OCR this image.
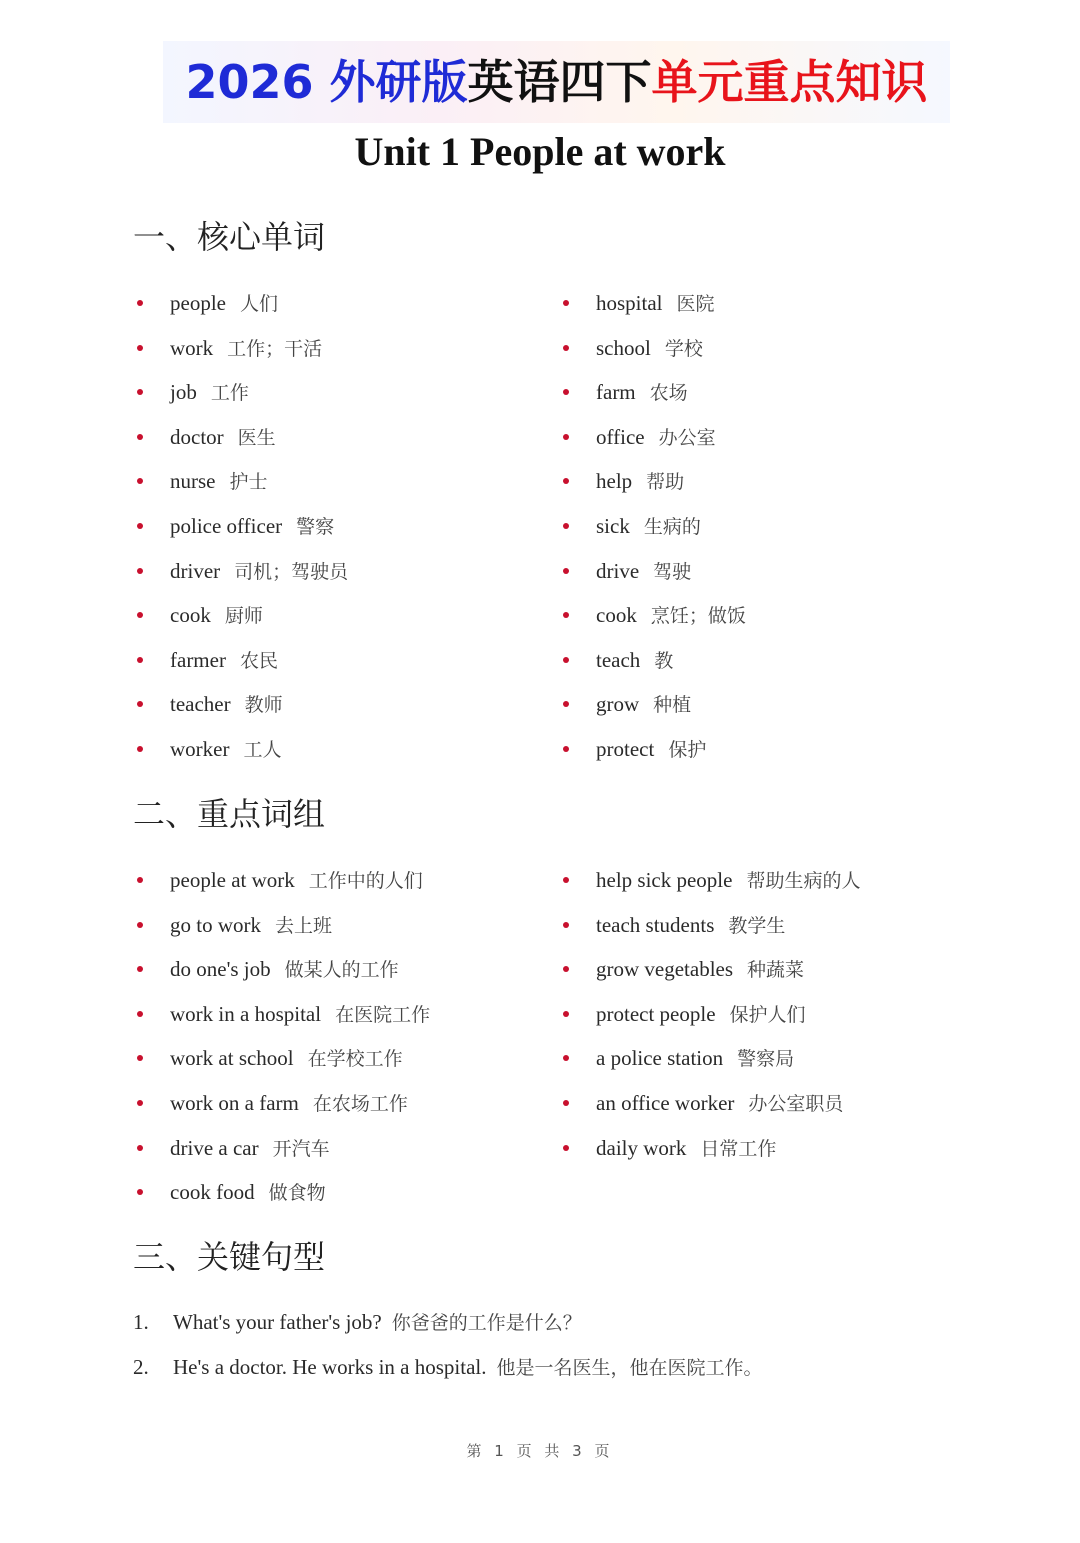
2026 外研版英语四下单元重点知识
Unit 1 People at work
一、核心单词
people 人们
work 工作；干活
job 工作
doctor 医生
nurse 护士
police officer 警察
driver 司机；驾驶员
cook 厨师
farmer 农民
teacher 教师
worker 工人
hospital 医院
school 学校
farm 农场
office 办公室
help 帮助
sick 生病的
drive 驾驶
cook 烹饪；做饭
teach 教
grow 种植
protect 保护
二、重点词组
people at work 工作中的人们
go to work 去上班
do one's job 做某人的工作
work in a hospital 在医院工作
work at school 在学校工作
work on a farm 在农场工作
drive a car 开汽车
cook food 做食物
help sick people 帮助生病的人
teach students 教学生
grow vegetables 种蔬菜
protect people 保护人们
a police station 警察局
an office worker 办公室职员
daily work 日常工作
三、关键句型
1. What's your father's job? 你爸爸的工作是什么？
2. He's a doctor. He works in a hospital. 他是一名医生，他在医院工作。
第 1 页 共 3 页
